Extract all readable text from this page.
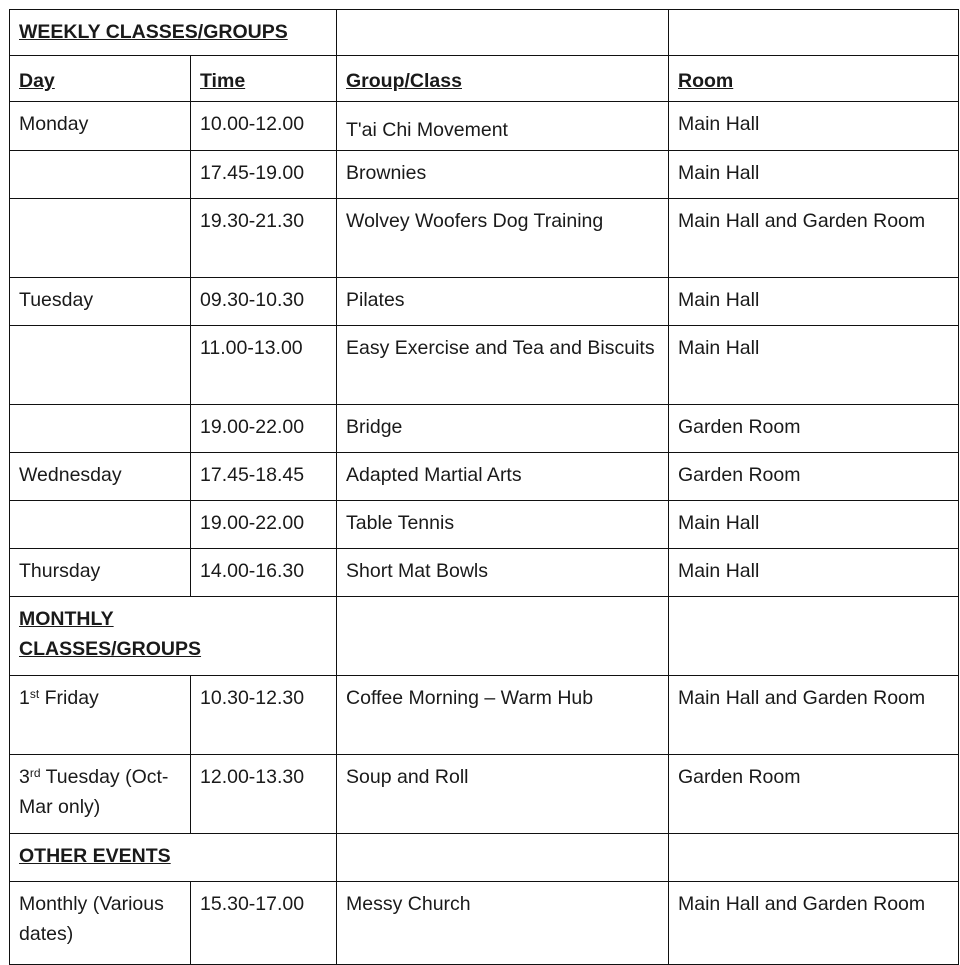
WEEKLY CLASSES/GROUPS			
Day	Time	Group/Class	Room
Monday	10.00-12.00	T'ai Chi Movement	Main Hall
	17.45-19.00	Brownies	Main Hall
	19.30-21.30	Wolvey Woofers Dog Training	Main Hall and Garden Room
Tuesday	09.30-10.30	Pilates	Main Hall
	11.00-13.00	Easy Exercise and Tea and Biscuits	Main Hall
	19.00-22.00	Bridge	Garden Room
Wednesday	17.45-18.45	Adapted Martial Arts	Garden Room
	19.00-22.00	Table Tennis	Main Hall
Thursday	14.00-16.30	Short Mat Bowls	Main Hall

MONTHLY CLASSES/GROUPS			

1st Friday	10.30-12.30	Coffee Morning – Warm Hub	Main Hall and Garden Room
3rd Tuesday (Oct-Mar only)	12.00-13.30	Soup and Roll	Garden Room
OTHER EVENTS			
Monthly (Various dates)	15.30-17.00	Messy Church	Main Hall and Garden Room
